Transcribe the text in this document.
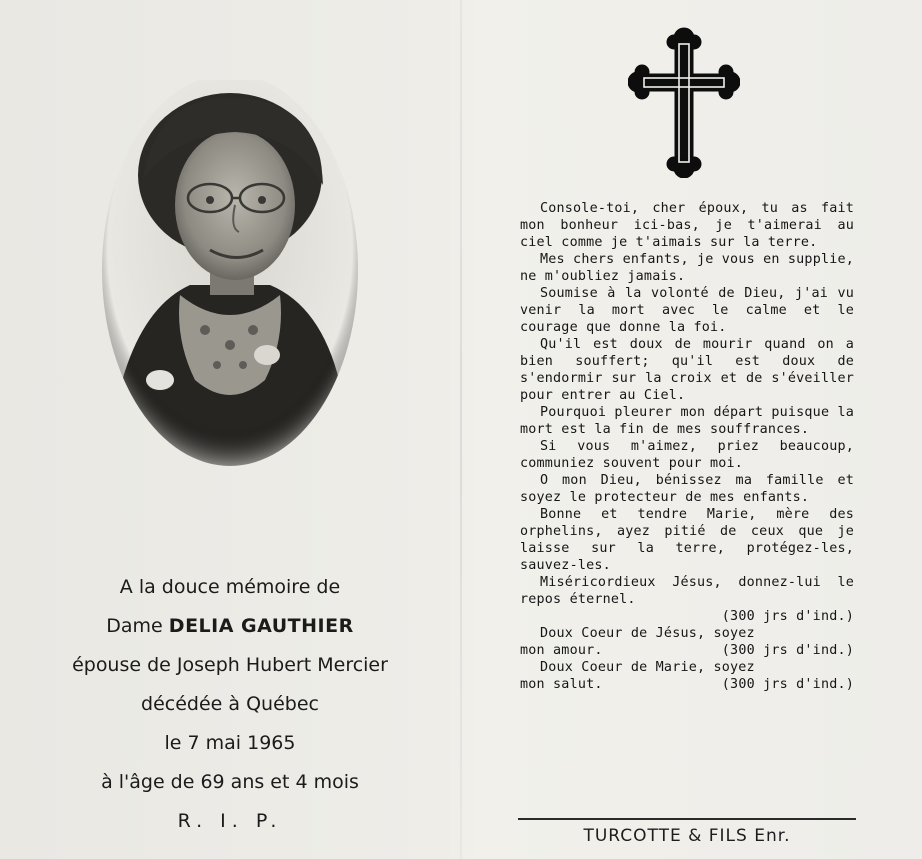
A la douce mémoire de
Dame DELIA GAUTHIER
épouse de Joseph Hubert Mercier
décédée à Québec
le 7 mai 1965
à l'âge de 69 ans et 4 mois
R. I. P.

Console-toi, cher époux, tu as fait mon bonheur ici-bas, je t'aimerai au ciel comme je t'aimais sur la terre.

Mes chers enfants, je vous en supplie, ne m'oubliez jamais.

Soumise à la volonté de Dieu, j'ai vu venir la mort avec le calme et le courage que donne la foi.

Qu'il est doux de mourir quand on a bien souffert; qu'il est doux de s'endormir sur la croix et de s'éveiller pour entrer au Ciel.

Pourquoi pleurer mon départ puisque la mort est la fin de mes souffrances.

Si vous m'aimez, priez beaucoup, communiez souvent pour moi.

O mon Dieu, bénissez ma famille et soyez le protecteur de mes enfants.

Bonne et tendre Marie, mère des orphelins, ayez pitié de ceux que je laisse sur la terre, protégez-les, sauvez-les.

Miséricordieux Jésus, donnez-lui le repos éternel.

(300 jrs d'ind.)

Doux Coeur de Jésus, soyez

mon amour.	(300 jrs d'ind.)

Doux Coeur de Marie, soyez

mon salut.	(300 jrs d'ind.)

TURCOTTE & FILS Enr.
